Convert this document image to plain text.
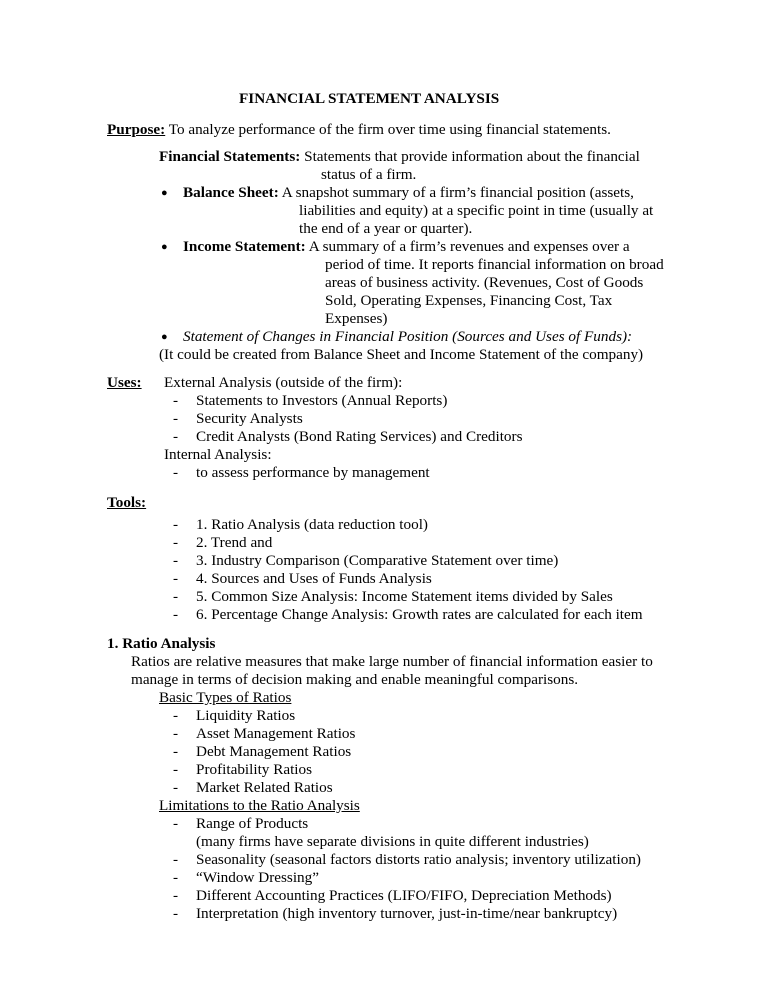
FINANCIAL STATEMENT ANALYSIS
Purpose: To analyze performance of the firm over time using financial statements.
Financial Statements: Statements that provide information about the financial
status of a firm.
● Balance Sheet: A snapshot summary of a firm’s financial position (assets,
liabilities and equity) at a specific point in time (usually at
the end of a year or quarter).
● Income Statement: A summary of a firm’s revenues and expenses over a
period of time. It reports financial information on broad
areas of business activity. (Revenues, Cost of Goods
Sold, Operating Expenses, Financing Cost, Tax
Expenses)
● Statement of Changes in Financial Position (Sources and Uses of Funds):
(It could be created from Balance Sheet and Income Statement of the company)
Uses: External Analysis (outside of the firm):
- Statements to Investors (Annual Reports)
- Security Analysts
- Credit Analysts (Bond Rating Services) and Creditors
Internal Analysis:
- to assess performance by management
Tools:
- 1. Ratio Analysis (data reduction tool)
- 2. Trend and
- 3. Industry Comparison (Comparative Statement over time)
- 4. Sources and Uses of Funds Analysis
- 5. Common Size Analysis: Income Statement items divided by Sales
- 6. Percentage Change Analysis: Growth rates are calculated for each item
1. Ratio Analysis
Ratios are relative measures that make large number of financial information easier to
manage in terms of decision making and enable meaningful comparisons.
Basic Types of Ratios
- Liquidity Ratios
- Asset Management Ratios
- Debt Management Ratios
- Profitability Ratios
- Market Related Ratios
Limitations to the Ratio Analysis
- Range of Products
(many firms have separate divisions in quite different industries)
- Seasonality (seasonal factors distorts ratio analysis; inventory utilization)
- “Window Dressing”
- Different Accounting Practices (LIFO/FIFO, Depreciation Methods)
- Interpretation (high inventory turnover, just-in-time/near bankruptcy)
